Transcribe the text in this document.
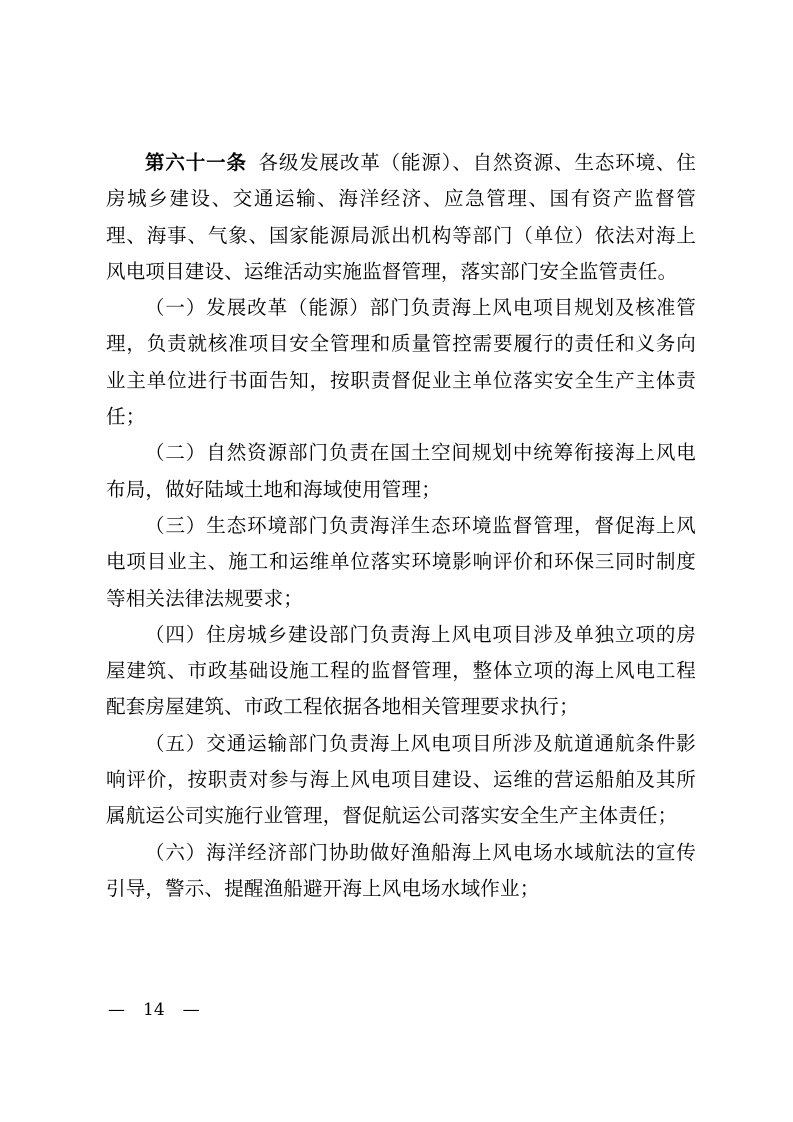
第六十一条 各级发展改革（能源）、自然资源、生态环境、住房城乡建设、交通运输、海洋经济、应急管理、国有资产监督管理、海事、气象、国家能源局派出机构等部门（单位）依法对海上风电项目建设、运维活动实施监督管理，落实部门安全监管责任。

（一）发展改革（能源）部门负责海上风电项目规划及核准管理，负责就核准项目安全管理和质量管控需要履行的责任和义务向业主单位进行书面告知，按职责督促业主单位落实安全生产主体责任；

（二）自然资源部门负责在国土空间规划中统筹衔接海上风电布局，做好陆域土地和海域使用管理；

（三）生态环境部门负责海洋生态环境监督管理，督促海上风电项目业主、施工和运维单位落实环境影响评价和环保三同时制度等相关法律法规要求；

（四）住房城乡建设部门负责海上风电项目涉及单独立项的房屋建筑、市政基础设施工程的监督管理，整体立项的海上风电工程配套房屋建筑、市政工程依据各地相关管理要求执行；

（五）交通运输部门负责海上风电项目所涉及航道通航条件影响评价，按职责对参与海上风电项目建设、运维的营运船舶及其所属航运公司实施行业管理，督促航运公司落实安全生产主体责任；

（六）海洋经济部门协助做好渔船海上风电场水域航法的宣传引导，警示、提醒渔船避开海上风电场水域作业；

— 14 —
